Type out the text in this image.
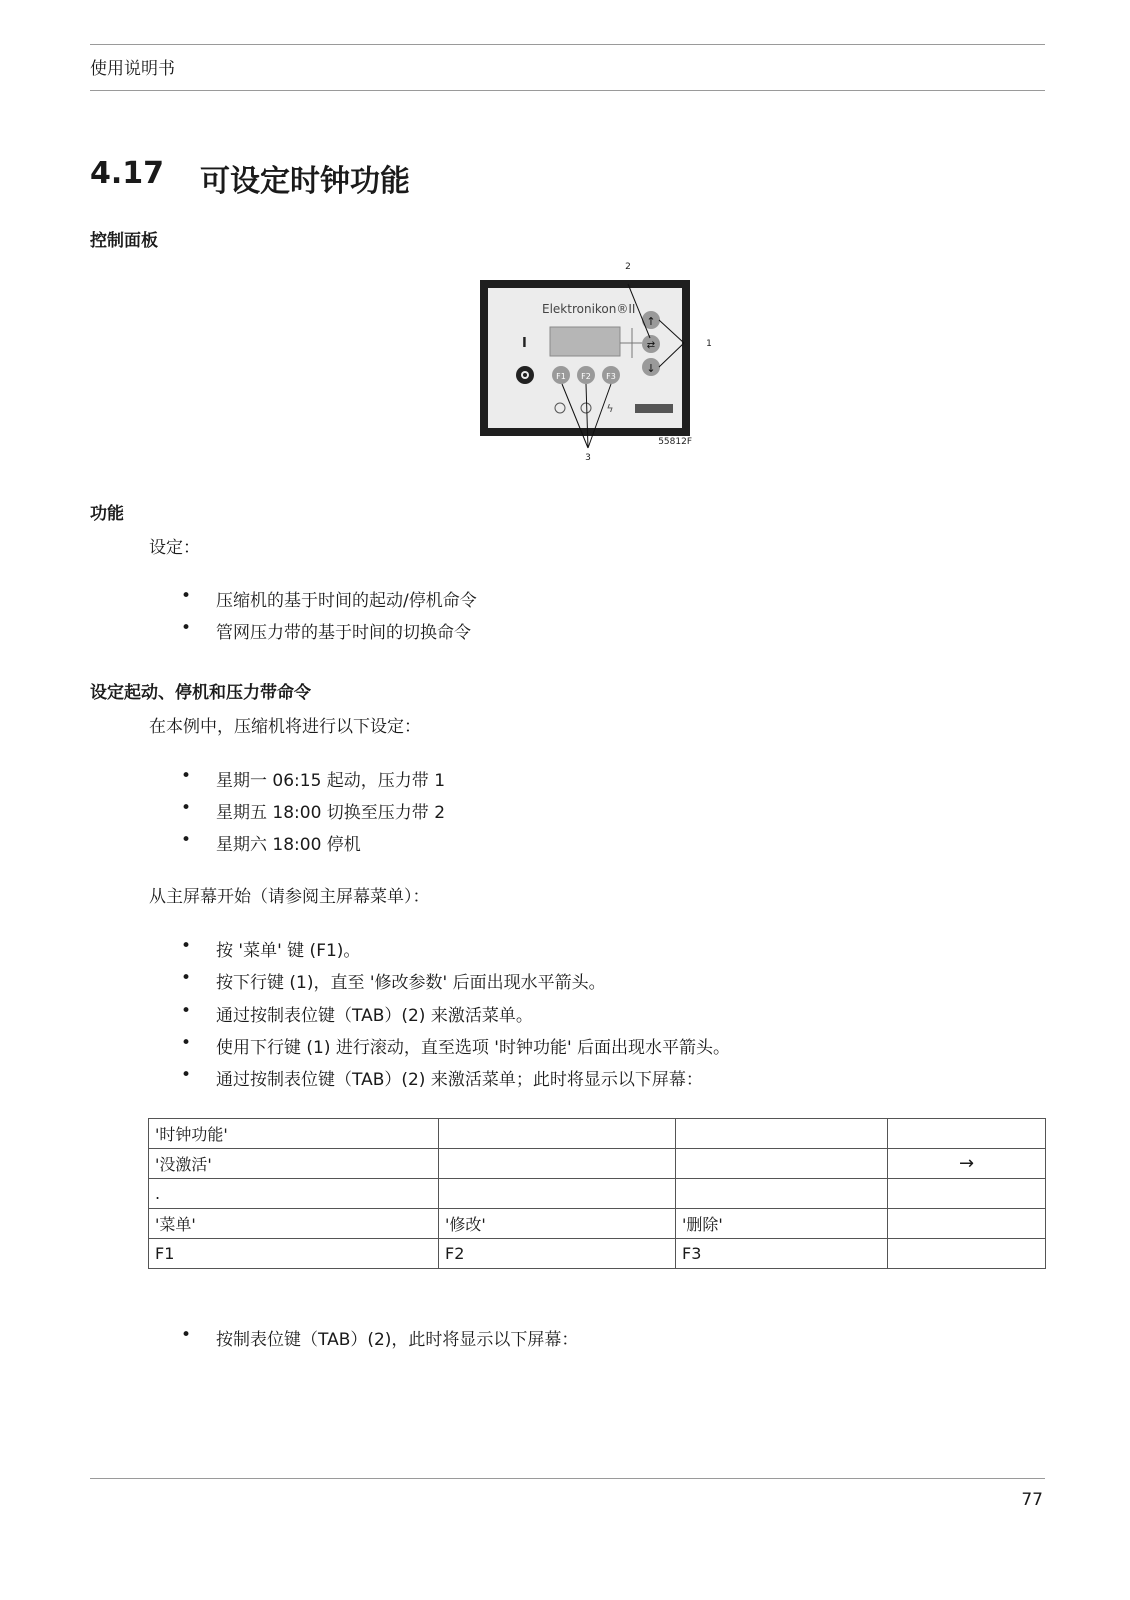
使用说明书
4.17 可设定时钟功能
控制面板
Elektronikon®II
I
F1 F2 F3
↑
⇄
↓
ϟ
2
1
3
55812F
功能
设定：
• 压缩机的基于时间的起动/停机命令
• 管网压力带的基于时间的切换命令
设定起动、停机和压力带命令
在本例中，压缩机将进行以下设定：
• 星期一 06:15 起动，压力带 1
• 星期五 18:00 切换至压力带 2
• 星期六 18:00 停机
从主屏幕开始（请参阅主屏幕菜单）：
• 按 '菜单' 键 (F1)。
• 按下行键 (1)，直至 '修改参数' 后面出现水平箭头。
• 通过按制表位键（TAB）(2) 来激活菜单。
• 使用下行键 (1) 进行滚动，直至选项 '时钟功能' 后面出现水平箭头。
• 通过按制表位键（TAB）(2) 来激活菜单；此时将显示以下屏幕：
'时钟功能'			
'没激活'			→
.			
'菜单'	'修改'	'删除'	
F1	F2	F3	
• 按制表位键（TAB）(2)，此时将显示以下屏幕：
77
